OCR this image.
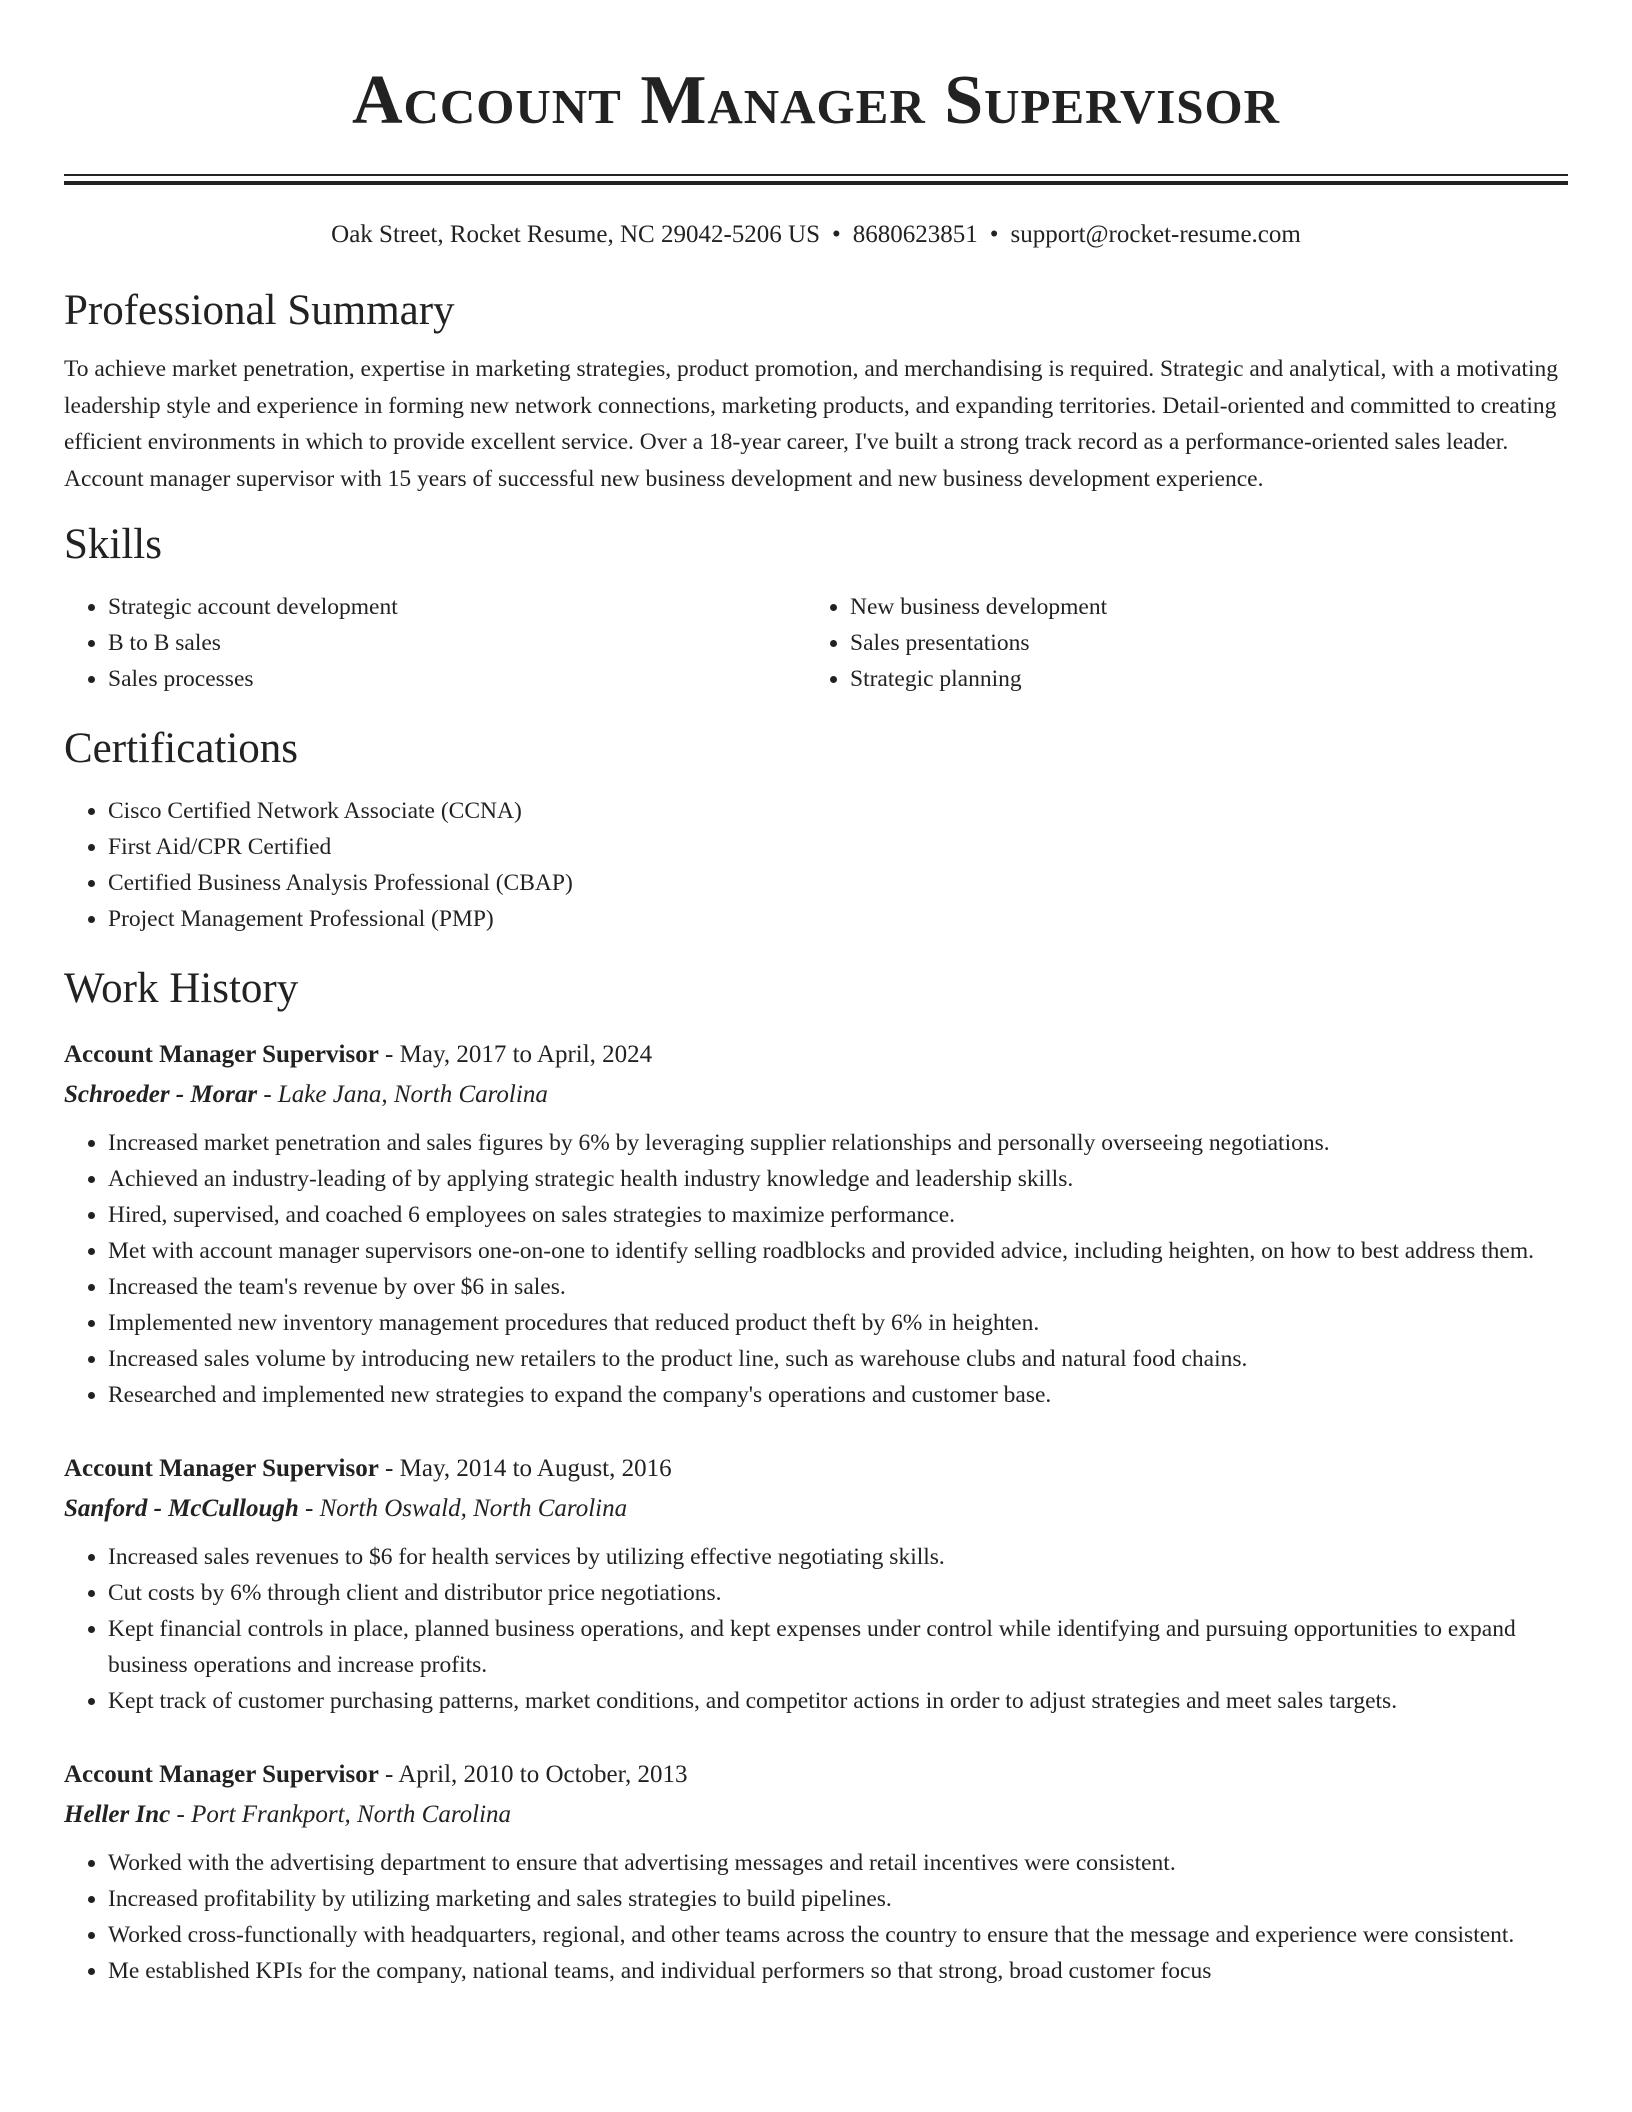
Account Manager Supervisor
Oak Street, Rocket Resume, NC 29042-5206 US • 8680623851 • support@rocket-resume.com
Professional Summary

To achieve market penetration, expertise in marketing strategies, product promotion, and merchandising is required. Strategic and analytical, with a motivating leadership style and experience in forming new network connections, marketing products, and expanding territories. Detail-oriented and committed to creating efficient environments in which to provide excellent service. Over a 18-year career, I've built a strong track record as a performance-oriented sales leader. Account manager supervisor with 15 years of successful new business development and new business development experience.

Skills
• Strategic account development
• B to B sales
• Sales processes
• New business development
• Sales presentations
• Strategic planning
Certifications
• Cisco Certified Network Associate (CCNA)
• First Aid/CPR Certified
• Certified Business Analysis Professional (CBAP)
• Project Management Professional (PMP)
Work History
Account Manager Supervisor - May, 2017 to April, 2024
Schroeder - Morar - Lake Jana, North Carolina
• Increased market penetration and sales figures by 6% by leveraging supplier relationships and personally overseeing negotiations.
• Achieved an industry-leading of by applying strategic health industry knowledge and leadership skills.
• Hired, supervised, and coached 6 employees on sales strategies to maximize performance.
• Met with account manager supervisors one-on-one to identify selling roadblocks and provided advice, including heighten, on how to best address them.
• Increased the team's revenue by over $6 in sales.
• Implemented new inventory management procedures that reduced product theft by 6% in heighten.
• Increased sales volume by introducing new retailers to the product line, such as warehouse clubs and natural food chains.
• Researched and implemented new strategies to expand the company's operations and customer base.
Account Manager Supervisor - May, 2014 to August, 2016
Sanford - McCullough - North Oswald, North Carolina
• Increased sales revenues to $6 for health services by utilizing effective negotiating skills.
• Cut costs by 6% through client and distributor price negotiations.
• Kept financial controls in place, planned business operations, and kept expenses under control while identifying and pursuing opportunities to expand business operations and increase profits.
• Kept track of customer purchasing patterns, market conditions, and competitor actions in order to adjust strategies and meet sales targets.
Account Manager Supervisor - April, 2010 to October, 2013
Heller Inc - Port Frankport, North Carolina
• Worked with the advertising department to ensure that advertising messages and retail incentives were consistent.
• Increased profitability by utilizing marketing and sales strategies to build pipelines.
• Worked cross-functionally with headquarters, regional, and other teams across the country to ensure that the message and experience were consistent.
• Me established KPIs for the company, national teams, and individual performers so that strong, broad customer focus
